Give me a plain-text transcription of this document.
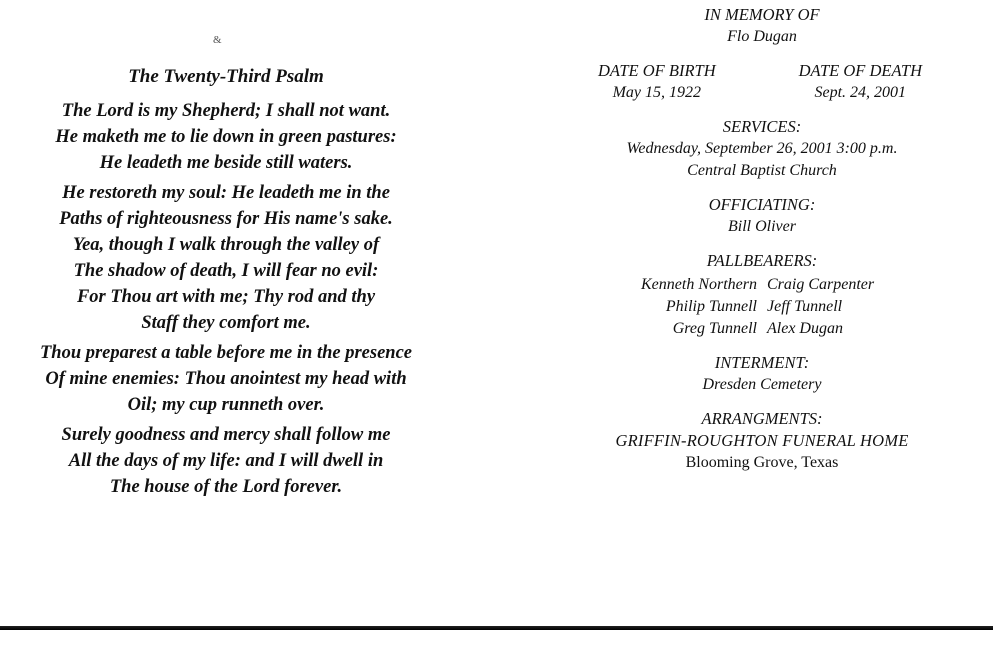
&
The Twenty-Third Psalm
The Lord is my Shepherd; I shall not want.
He maketh me to lie down in green pastures:
He leadeth me beside still waters.
He restoreth my soul: He leadeth me in the
Paths of righteousness for His name's sake.
Yea, though I walk through the valley of
The shadow of death, I will fear no evil:
For Thou art with me; Thy rod and thy
Staff they comfort me.
Thou preparest a table before me in the presence
Of mine enemies: Thou anointest my head with
Oil; my cup runneth over.
Surely goodness and mercy shall follow me
All the days of my life: and I will dwell in
The house of the Lord forever.
IN MEMORY OF
Flo Dugan
DATE OF BIRTH
May 15, 1922
DATE OF DEATH
Sept. 24, 2001
SERVICES:
Wednesday, September 26, 2001 3:00 p.m.
Central Baptist Church
OFFICIATING:
Bill Oliver
PALLBEARERS:
Kenneth Northern Craig Carpenter
Philip Tunnell Jeff Tunnell
Greg Tunnell Alex Dugan
INTERMENT:
Dresden Cemetery
ARRANGMENTS:
GRIFFIN-ROUGHTON FUNERAL HOME
Blooming Grove, Texas
